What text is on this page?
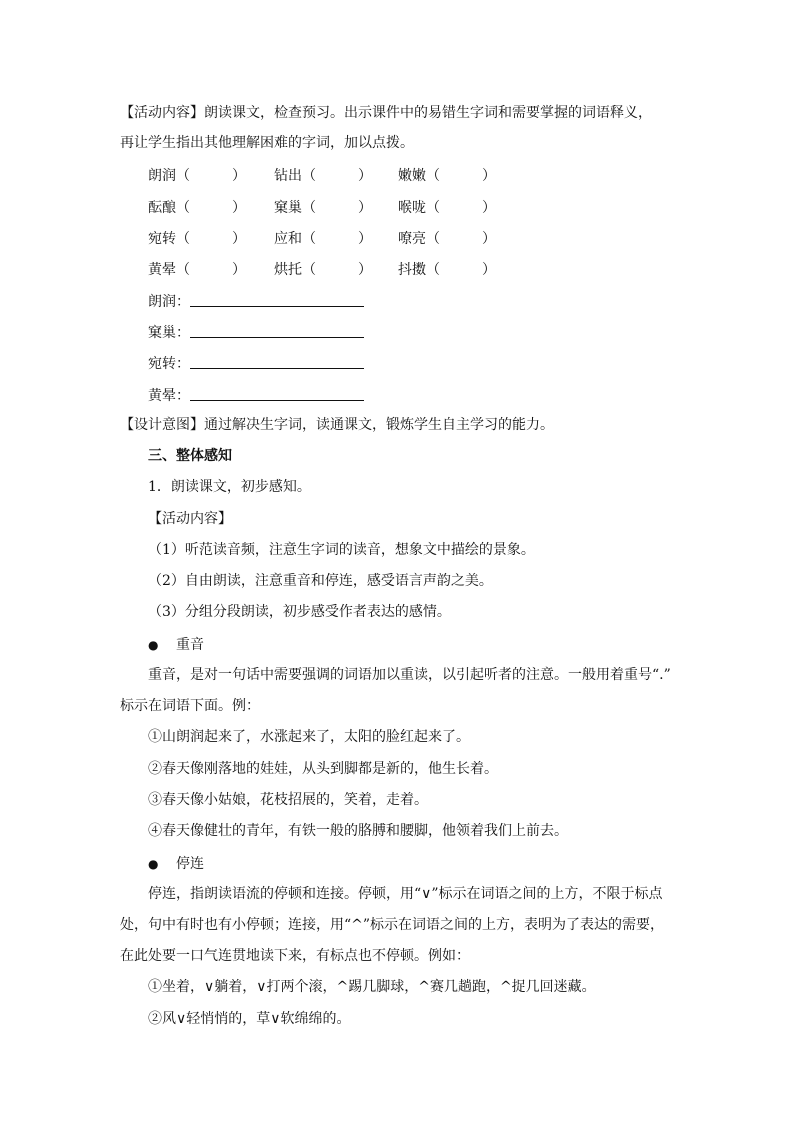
【活动内容】朗读课文，检查预习。出示课件中的易错生字词和需要掌握的词语释义，
再让学生指出其他理解困难的字词，加以点拨。
朗润（　　　） 钻出（　　　） 嫩嫩（　　　）
酝酿（　　　） 窠巢（　　　） 喉咙（　　　）
宛转（　　　） 应和（　　　） 嘹亮（　　　）
黄晕（　　　） 烘托（　　　） 抖擞（　　　）
朗润：
窠巢：
宛转：
黄晕：
【设计意图】通过解决生字词，读通课文，锻炼学生自主学习的能力。
三、整体感知
1．朗读课文，初步感知。
【活动内容】
（1）听范读音频，注意生字词的读音，想象文中描绘的景象。
（2）自由朗读，注意重音和停连，感受语言声韵之美。
（3）分组分段朗读，初步感受作者表达的感情。
● 重音
重音，是对一句话中需要强调的词语加以重读，以引起听者的注意。一般用着重号“.”
标示在词语下面。例：
①山朗润起来了，水涨起来了，太阳的脸红起来了。
②春天像刚落地的娃娃，从头到脚都是新的，他生长着。
③春天像小姑娘，花枝招展的，笑着，走着。
④春天像健壮的青年，有铁一般的胳膊和腰脚，他领着我们上前去。
● 停连
停连，指朗读语流的停顿和连接。停顿，用“∨”标示在词语之间的上方，不限于标点
处，句中有时也有小停顿；连接，用“^”标示在词语之间的上方，表明为了表达的需要，
在此处要一口气连贯地读下来，有标点也不停顿。例如：
①坐着，∨躺着，∨打两个滚，^踢几脚球，^赛几趟跑，^捉几回迷藏。
②风∨轻悄悄的，草∨软绵绵的。
